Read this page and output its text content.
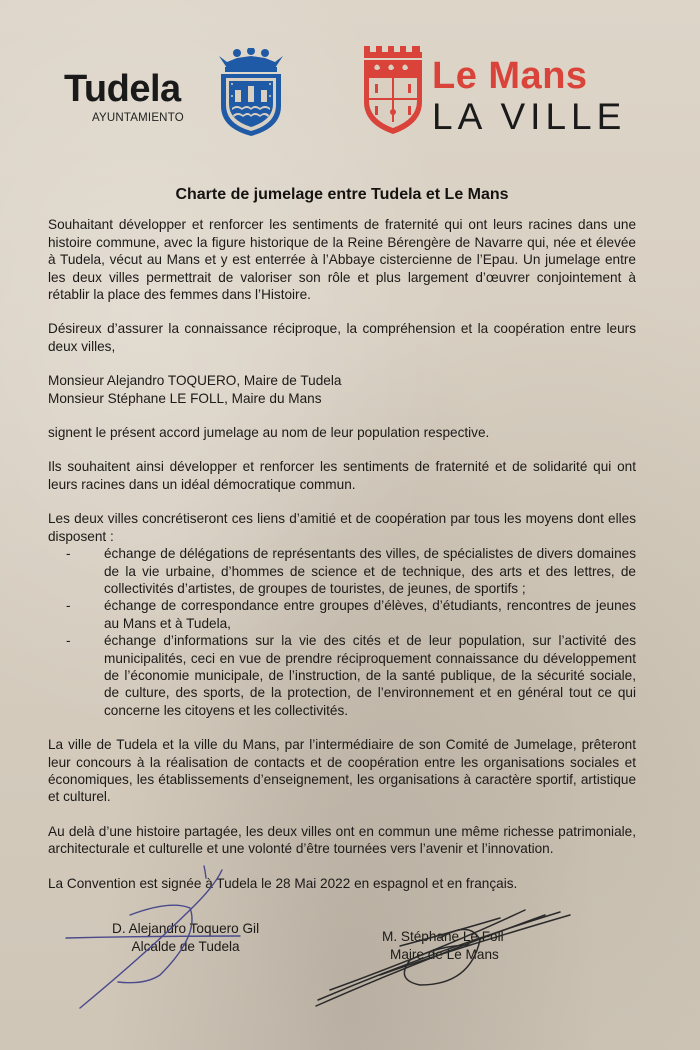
Tudela
AYUNTAMIENTO
Le Mans
LA VILLE
Charte de jumelage entre Tudela et Le Mans

Souhaitant développer et renforcer les sentiments de fraternité qui ont leurs racines dans une histoire commune, avec la figure historique de la Reine Bérengère de Navarre qui, née et élevée à Tudela, vécut au Mans et y est enterrée à l’Abbaye cistercienne de l’Epau. Un jumelage entre les deux villes permettrait de valoriser son rôle et plus largement d’œuvrer conjointement à rétablir la place des femmes dans l’Histoire.

Désireux d’assurer la connaissance réciproque, la compréhension et la coopération entre leurs deux villes,

Monsieur Alejandro TOQUERO, Maire de Tudela
Monsieur Stéphane LE FOLL, Maire du Mans

signent le présent accord jumelage au nom de leur population respective.

Ils souhaitent ainsi développer et renforcer les sentiments de fraternité et de solidarité qui ont leurs racines dans un idéal démocratique commun.

Les deux villes concrétiseront ces liens d’amitié et de coopération par tous les moyens dont elles disposent :

- échange de délégations de représentants des villes, de spécialistes de divers domaines de la vie urbaine, d’hommes de science et de technique, des arts et des lettres, de collectivités d’artistes, de groupes de touristes, de jeunes, de sportifs ;
- échange de correspondance entre groupes d’élèves, d’étudiants, rencontres de jeunes au Mans et à Tudela,
- échange d’informations sur la vie des cités et de leur population, sur l’activité des municipalités, ceci en vue de prendre réciproquement connaissance du développement de l’économie municipale, de l’instruction, de la santé publique, de la sécurité sociale, de culture, des sports, de la protection, de l’environnement et en général tout ce qui concerne les citoyens et les collectivités.

La ville de Tudela et la ville du Mans, par l’intermédiaire de son Comité de Jumelage, prêteront leur concours à la réalisation de contacts et de coopération entre les organisations sociales et économiques, les établissements d’enseignement, les organisations à caractère sportif, artistique et culturel.

Au delà d’une histoire partagée, les deux villes ont en commun une même richesse patrimoniale, architecturale et culturelle et une volonté d’être tournées vers l’avenir et l’innovation.

La Convention est signée à Tudela le 28 Mai 2022 en espagnol et en français.

D. Alejandro Toquero Gil
Alcalde de Tudela
M. Stéphane Le Foll
Maire de Le Mans
